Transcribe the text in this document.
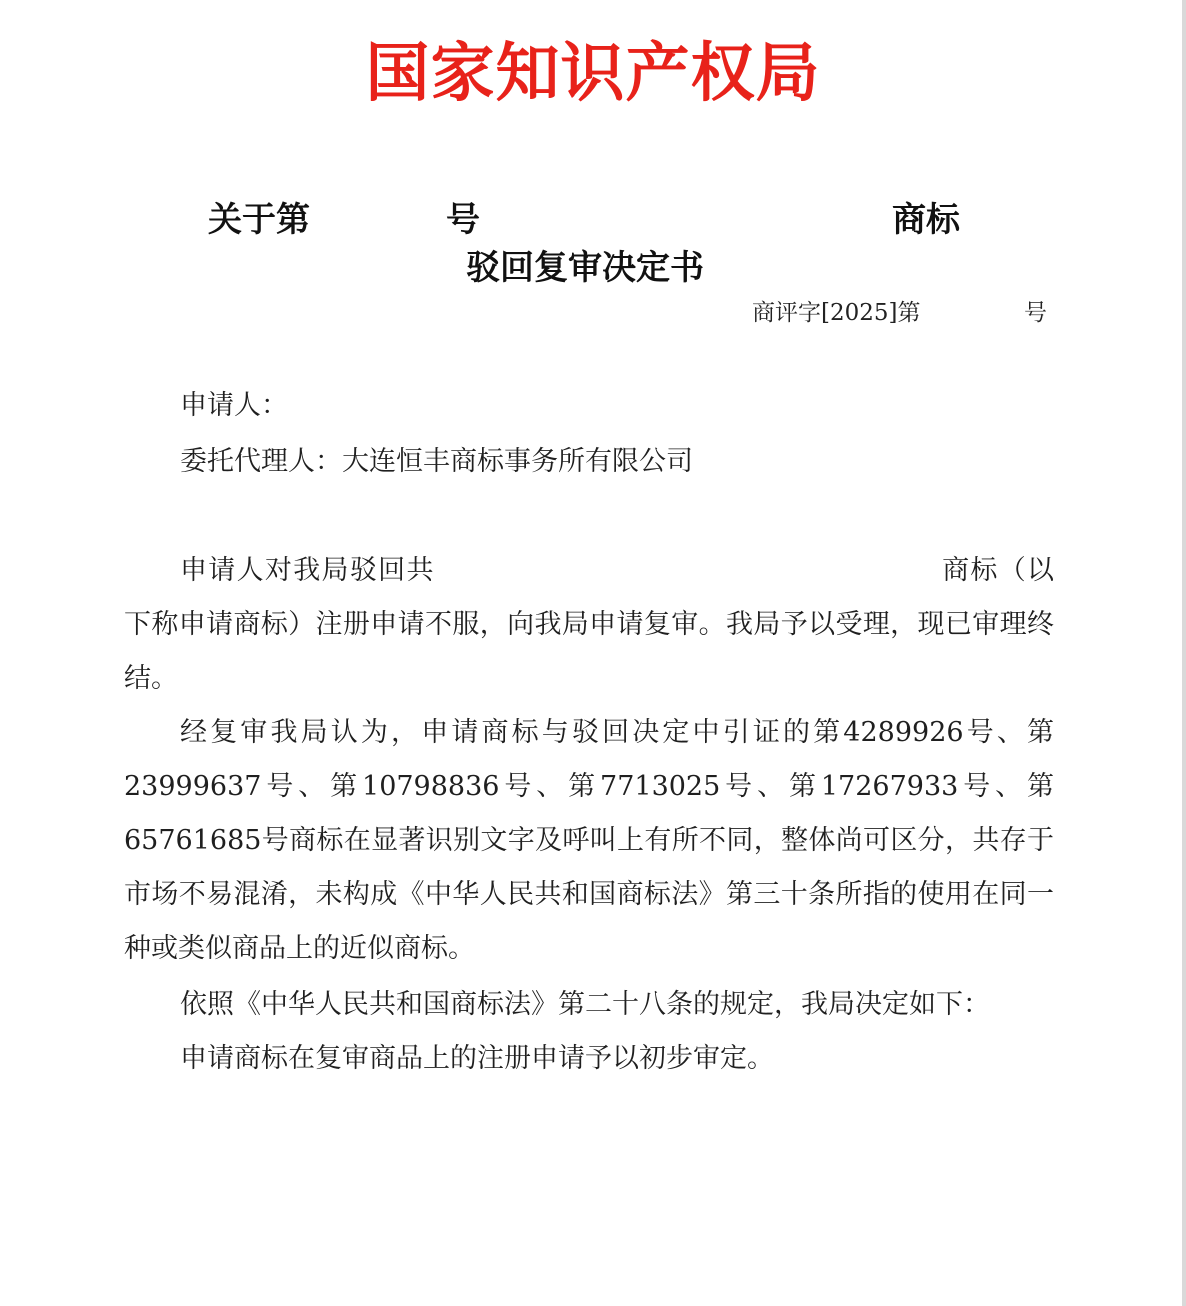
国家知识产权局
关于第	号	商标
驳回复审决定书
商评字[2025]第	号
申请人：
委托代理人：大连恒丰商标事务所有限公司

申请人对我局驳回共	商标（以下称申请商标）注册申请不服，向我局申请复审。我局予以受理，现已审理终结。

经复审我局认为，申请商标与驳回决定中引证的第4289926号、第23999637号、第10798836号、第7713025号、第17267933号、第65761685号商标在显著识别文字及呼叫上有所不同，整体尚可区分，共存于市场不易混淆，未构成《中华人民共和国商标法》第三十条所指的使用在同一种或类似商品上的近似商标。

依照《中华人民共和国商标法》第二十八条的规定，我局决定如下：

申请商标在复审商品上的注册申请予以初步审定。
